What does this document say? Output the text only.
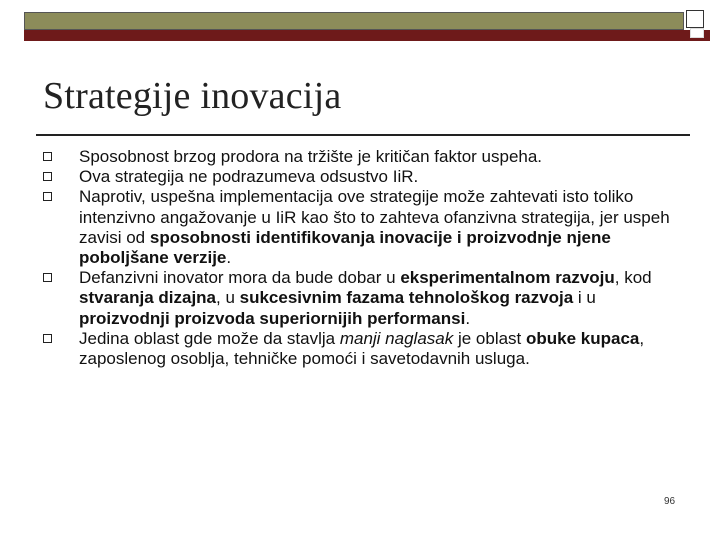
Strategije inovacija
Sposobnost brzog prodora na tržište je kritičan faktor uspeha.
Ova strategija ne podrazumeva odsustvo IiR.
Naprotiv, uspešna implementacija ove strategije može zahtevati isto toliko intenzivno angažovanje u IiR kao što to zahteva ofanzivna strategija, jer uspeh zavisi od sposobnosti identifikovanja inovacije i proizvodnje njene poboljšane verzije.
Defanzivni inovator mora da bude dobar u eksperimentalnom razvoju, kod stvaranja dizajna, u sukcesivnim fazama tehnološkog razvoja i u proizvodnji proizvoda superiornijih performansi.
Jedina oblast gde može da stavlja manji naglasak je oblast obuke kupaca, zaposlenog osoblja, tehničke pomoći i savetodavnih usluga.
96
